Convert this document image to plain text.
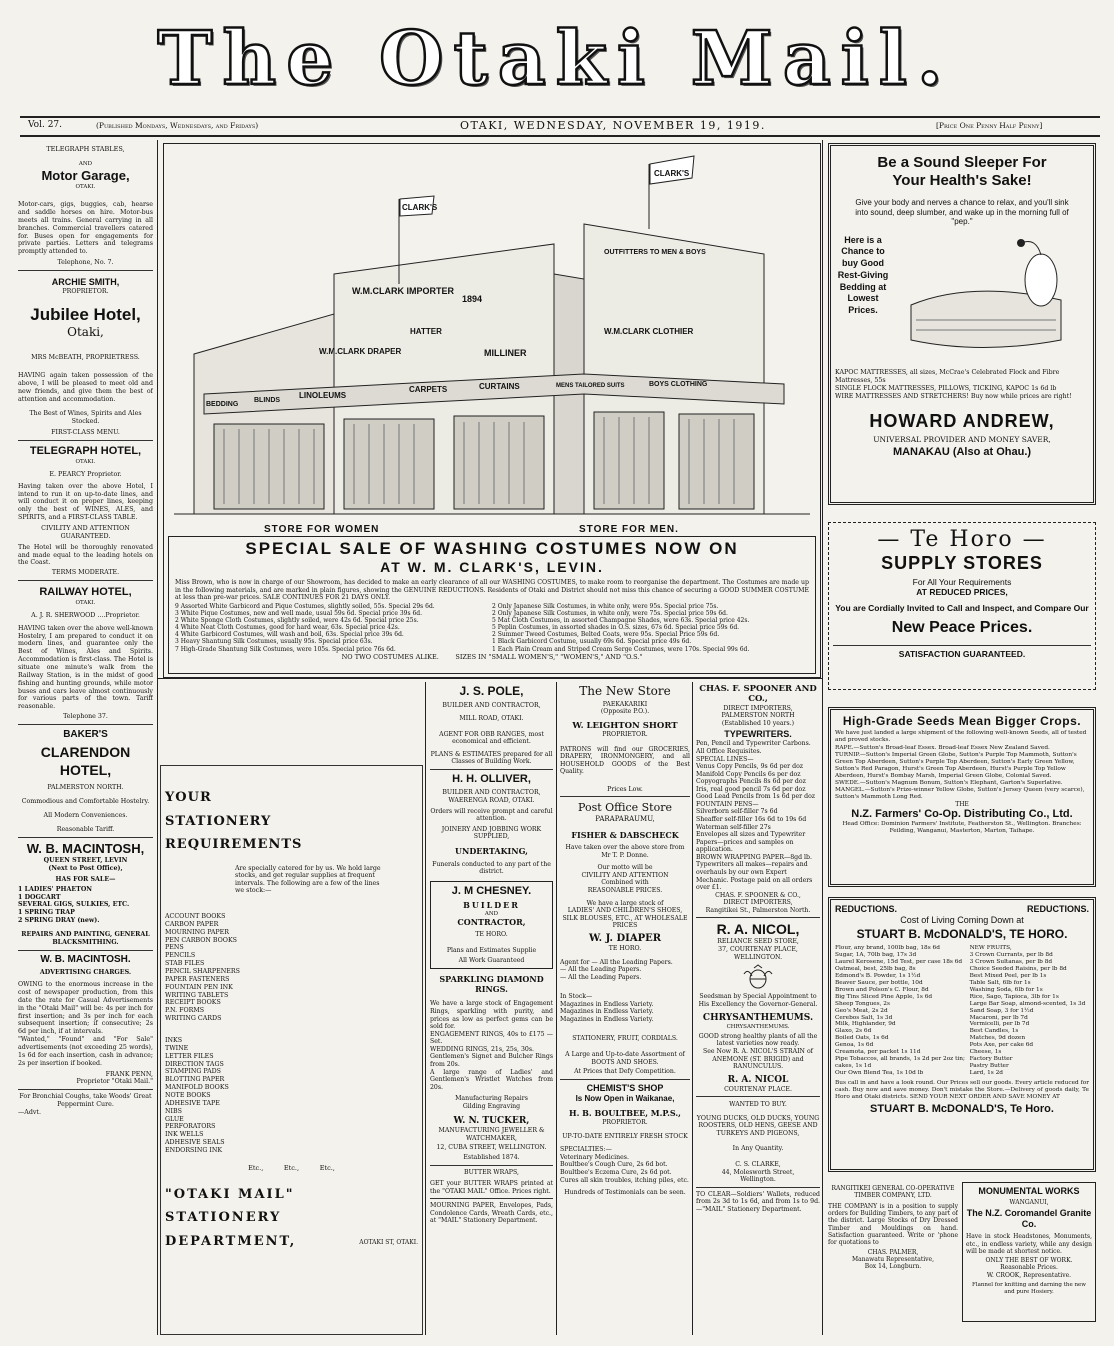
The Otaki Mail.
Vol. 27.	(Published Mondays, Wednesdays, and Fridays)	OTAKI, WEDNESDAY, NOVEMBER 19, 1919.	[Price One Penny Half Penny]
TELEGRAPH STABLES,
AND
Motor Garage,
OTAKI.
Motor-cars, gigs, buggies, cab, hearse and saddle horses on hire. Motor-bus meets all trains. General carrying in all branches. Commercial travellers catered for. Buses open for engagements for private parties. Letters and telegrams promptly attended to.
Telephone, No. 7.
ARCHIE SMITH,
PROPRIETOR.
Jubilee Hotel,
Otaki,
MRS McBEATH, PROPRIETRESS.
HAVING again taken possession of the above, I will be pleased to meet old and new friends, and give them the best of attention and accommodation.
The Best of Wines, Spirits and Ales Stocked.
FIRST-CLASS MENU.
TELEGRAPH HOTEL,
OTAKI.
E. PEARCY Proprietor.
Having taken over the above Hotel, I intend to run it on up-to-date lines, and will conduct it on proper lines, keeping only the best of WINES, ALES, and SPIRITS, and a FIRST-CLASS TABLE.
CIVILITY AND ATTENTION GUARANTEED.
The Hotel will be thoroughly renovated and made equal to the leading hotels on the Coast.
TERMS MODERATE.
RAILWAY HOTEL,
OTAKI.
A. J. R. SHERWOOD ....Proprietor.
HAVING taken over the above well-known Hostelry, I am prepared to conduct it on modern lines, and guarantee only the Best of Wines, Ales and Spirits. Accommodation is first-class. The Hotel is situate one minute's walk from the Railway Station, is in the midst of good fishing and hunting grounds, while motor buses and cars leave almost continuously for various parts of the town. Tariff reasonable.
Telephone 37.
BAKER'S
CLARENDON HOTEL,
PALMERSTON NORTH.
Commodious and Comfortable Hostelry.
All Modern Conveniences.
Reasonable Tariff.
W. B. MACINTOSH,
QUEEN STREET, LEVIN
(Next to Post Office),
HAS FOR SALE—
1 LADIES' PHAETON
1 DOGCART
SEVERAL GIGS, SULKIES, ETC.
1 SPRING TRAP
2 SPRING DRAY (new).
REPAIRS AND PAINTING, GENERAL BLACKSMITHING.
W. B. MACINTOSH.
ADVERTISING CHARGES.
OWING to the enormous increase in the cost of newspaper production, from this date the rate for Casual Advertisements in the "Otaki Mail" will be: 4s per inch for first insertion; and 3s per inch for each subsequent insertion; if consecutive; 2s 6d per inch, if at intervals.
"Wanted," "Found" and "For Sale" advertisements (not exceeding 25 words), 1s 6d for each insertion, cash in advance; 2s per insertion if booked.
FRANK PENN,
Proprietor "Otaki Mail."
For Bronchial Coughs, take Woods' Great Peppermint Cure.
—Advt.
CLARK'S
CLARK'S
W.M.CLARK IMPORTER
1894
OUTFITTERS TO MEN & BOYS
W.M.CLARK DRAPER
HATTER
MILLINER
W.M.CLARK CLOTHIER
BEDDING
BLINDS
LINOLEUMS
CARPETS	CURTAINS	MENS TAILORED SUITS	BOYS CLOTHING
STORE FOR WOMEN	STORE FOR MEN.
SPECIAL SALE OF WASHING COSTUMES NOW ON
AT W. M. CLARK'S, LEVIN.
Miss Brown, who is now in charge of our Showroom, has decided to make an early clearance of all our WASHING COSTUMES, to make room to reorganise the department. The Costumes are made up in the following materials, and are marked in plain figures, showing the GENUINE REDUCTIONS. Residents of Otaki and District should not miss this chance of securing a GOOD SUMMER COSTUME at less than pre-war prices. SALE CONTINUES FOR 21 DAYS ONLY.
9 Assorted White Garbicord and Pique Costumes, slightly soiled, 55s. Special 29s 6d.
3 White Pique Costumes, new and well made, usual 59s 6d. Special price 39s 6d.
2 White Sponge Cloth Costumes, slightly soiled, were 42s 6d. Special price 25s.
4 White Neat Cloth Costumes, good for hard wear, 63s. Special price 42s.
4 White Garbicord Costumes, will wash and boil, 63s. Special price 39s 6d.
3 Heavy Shantung Silk Costumes, usually 95s. Special price 63s.
7 High-Grade Shantung Silk Costumes, were 105s. Special price 76s 6d.
2 Only Japanese Silk Costumes, in white only, were 95s. Special price 75s.
2 Only Japanese Silk Costumes, in white only, were 75s. Special price 59s 6d.
5 Mat Cloth Costumes, in assorted Champagne Shades, were 63s. Special price 42s.
5 Peplin Costumes, in assorted shades in O.S. sizes, 67s 6d. Special price 59s 6d.
2 Summer Tweed Costumes, Belted Coats, were 95s. Special Price 59s 6d.
1 Black Garbicord Costume, usually 69s 6d. Special price 49s 6d.
1 Each Plain Cream and Striped Cream Serge Costumes, were 170s. Special 99s 6d.
NO TWO COSTUMES ALIKE.        SIZES IN "SMALL WOMEN'S," "WOMEN'S," AND "O.S."
YOUR
STATIONERY
REQUIREMENTS
Are specially catered for by us. We hold large stocks, and get regular supplies at frequent intervals. The following are a few of the lines we stock:—
ACCOUNT BOOKS
CARBON PAPER
MOURNING PAPER
PEN CARBON BOOKS
PENS
PENCILS
STAB FILES
PENCIL SHARPENERS
PAPER FASTENERS
FOUNTAIN PEN INK
WRITING TABLETS
RECEIPT BOOKS
P.N. FORMS
WRITING CARDS
INKS
TWINE
LETTER FILES
DIRECTION TAGS
STAMPING PADS
BLOTTING PAPER
MANIFOLD BOOKS
NOTE BOOKS
ADHESIVE TAPE
NIBS
GLUE
PERFORATORS
INK WELLS
ADHESIVE SEALS
ENDORSING INK
Etc.,          Etc.,          Etc.,
"OTAKI MAIL"
STATIONERY
DEPARTMENT,	AOTAKI ST, OTAKI.
J. S. POLE,
BUILDER AND CONTRACTOR,
MILL ROAD, OTAKI.
AGENT FOR OBB RANGES, most economical and efficient.
PLANS & ESTIMATES prepared for all Classes of Building Work.
H. H. OLLIVER,
BUILDER AND CONTRACTOR, WAERENGA ROAD, OTAKI.
Orders will receive prompt and careful attention.
JOINERY AND JOBBING WORK SUPPLIED,
UNDERTAKING,
Funerals conducted to any part of the district.
J. M CHESNEY.
BUILDER
AND
CONTRACTOR,
TE HORO.
Plans and Estimates Supplie
All Work Guaranteed
SPARKLING DIAMOND RINGS.
We have a large stock of Engagement Rings, sparkling with purity, and prices as low as perfect gems can be sold for.
ENGAGEMENT RINGS, 40s to £175 —Set.
WEDDING RINGS, 21s, 25s, 30s.
Gentlemen's Signet and Bulcher Rings from 20s.
A large range of Ladies' and Gentlemen's Wristlet Watches from 20s.
Manufacturing Repairs
Gilding Engraving
W. N. TUCKER,
MANUFACTURING JEWELLER & WATCHMAKER,
12, CUBA STREET, WELLINGTON.
Established 1874.
BUTTER WRAPS,
GET your BUTTER WRAPS printed at the "OTAKI MAIL" Office. Prices right.
MOURNING PAPER, Envelopes, Pads, Condolence Cards, Wreath Cards, etc., at "MAIL" Stationery Department.
The New Store
PAEKAKARIKI
(Opposite P.O.).
W. LEIGHTON SHORT
PROPRIETOR.
PATRONS will find our GROCERIES, DRAPERY, IRONMONGERY, and all HOUSEHOLD GOODS of the Best Quality.
Prices Low.
Post Office Store
PARAPARAUMU,
FISHER & DABSCHECK
Have taken over the above store from Mr T. P. Donne.
Our motto will be
CIVILITY AND ATTENTION
Combined with
REASONABLE PRICES.
We have a large stock of
LADIES' AND CHILDREN'S SHOES, SILK BLOUSES, ETC., AT WHOLESALE PRICES
W. J. DIAPER
TE HORO.
Agent for — All the Leading Papers.
— All the Leading Papers.
— All the Leading Papers.
In Stock—
Magazines in Endless Variety.
Magazines in Endless Variety.
Magazines in Endless Variety.
STATIONERY, FRUIT, CORDIALS.
A Large and Up-to-date Assortment of BOOTS AND SHOES.
At Prices that Defy Competition.
CHEMIST'S SHOP
Is Now Open in Waikanae,
H. B. BOULTBEE, M.P.S.,
PROPRIETOR.
UP-TO-DATE ENTIRELY FRESH STOCK
SPECIALTIES:—
Veterinary Medicines.
Boultbee's Cough Cure, 2s 6d bot.
Boultbee's Eczema Cure, 2s 6d pot. Cures all skin troubles, itching piles, etc.
Hundreds of Testimonials can be seen.
CHAS. F. SPOONER AND CO.,
DIRECT IMPORTERS,
PALMERSTON NORTH
(Established 10 years.)
TYPEWRITERS.
Pen, Pencil and Typewriter Carbons. All Office Requisites.
SPECIAL LINES—
Venus Copy Pencils, 9s 6d per doz
Manifold Copy Pencils 6s per doz
Copyographs Pencils 8s 6d per doz
Iris, real good pencil 7s 6d per doz
Good Lead Pencils from 1s 6d per doz
FOUNTAIN PENS—
Silverborn self-filler 7s 6d
Sheaffer self-filler 16s 6d to 19s 6d
Waterman self-filler 27s
Envelopes all sizes and Typewriter Papers—prices and samples on application.
BROWN WRAPPING PAPER—8gd lb.
Typewriters all makes—repairs and overhauls by our own Expert Mechanic. Postage paid on all orders over £1.
CHAS. F. SPOONER & CO.,
DIRECT IMPORTERS,
Rangitikei St., Palmerston North.
R. A. NICOL,
RELIANCE SEED STORE,
37, COURTENAY PLACE,
WELLINGTON.
Seedsman by Special Appointment to His Excellency the Governor-General.
CHRYSANTHEMUMS.
CHRYSANTHEMUMS.
GOOD strong healthy plants of all the latest varieties now ready.
See Now R. A. NICOL'S STRAIN of ANEMONE (ST. BRIGID) and RANUNCULUS.
R. A. NICOL
COURTENAY PLACE.
WANTED TO BUY.
YOUNG DUCKS, OLD DUCKS, YOUNG ROOSTERS, OLD HENS, GEESE AND TURKEYS AND PIGEONS,
In Any Quantity.
C. S. CLARKE,
44, Molesworth Street,
Wellington.
TO CLEAR—Soldiers' Wallets, reduced from 2s 3d to 1s 6d, and from 1s to 9d.—"MAIL" Stationery Department.
Be a Sound Sleeper For
Your Health's Sake!
Give your body and nerves a chance to relax, and you'll sink into sound, deep slumber, and wake up in the morning full of "pep."
Here is a Chance to buy Good Rest-Giving Bedding at Lowest Prices.
KAPOC MATTRESSES, all sizes, McCrae's Celebrated Flock and Fibre Mattresses, 55s
SINGLE FLOCK MATTRESSES, PILLOWS, TICKING, KAPOC 1s 6d lb
WIRE MATTRESSES AND STRETCHERS! Buy now while prices are right!
HOWARD ANDREW,
UNIVERSAL PROVIDER AND MONEY SAVER,
MANAKAU (Also at Ohau.)
— Te Horo —
SUPPLY STORES
For All Your Requirements
AT REDUCED PRICES,
You are Cordially Invited to Call and Inspect, and Compare Our
New Peace Prices.
SATISFACTION GUARANTEED.
High-Grade Seeds Mean Bigger Crops.
We have just landed a large shipment of the following well-known Seeds, all of tested and proved stocks.
RAPE.—Sutton's Broad-leaf Essex. Broad-leaf Essex New Zealand Saved.
TURNIP.—Sutton's Imperial Green Globe, Sutton's Purple Top Mammoth, Sutton's Green Top Aberdeen, Sutton's Purple Top Aberdeen, Sutton's Early Green Yellow, Sutton's Red Paragon, Hurst's Green Top Aberdeen, Hurst's Purple Top Yellow Aberdeen, Hurst's Bombay Marsh, Imperial Green Globe, Colonial Saved.
SWEDE.—Sutton's Magnum Bonum, Sutton's Elephant, Garton's Superlative.
MANGEL.—Sutton's Prize-winner Yellow Globe, Sutton's Jersey Queen (very scarce), Sutton's Mammoth Long Red.
THE
N.Z. Farmers' Co-Op. Distributing Co., Ltd.
Head Office: Dominion Farmers' Institute, Featherston St., Wellington. Branches: Feilding, Wanganui, Masterton, Marton, Taihape.
REDUCTIONS.	REDUCTIONS.
Cost of Living Coming Down at
STUART B. McDONALD'S, TE HORO.
Flour, any brand, 100lb bag, 18s 6d
Sugar, 1A, 70lb bag, 17s 3d
Laurel Kerosene, 15d Test, per case 18s 6d
Oatmeal, best, 25lb bag, 8s
Edmond's B. Powder, 1s 1½d
Beaver Sauce, per bottle, 10d
Brown and Polson's C. Flour, 8d
Big Tins Sliced Pine Apple, 1s 6d
Sheep Tongues, 2s
Geo's Meat, 2s 2d
Cerebos Salt, 1s 3d
Milk, Highlander, 9d
Glaxo, 2s 6d
Boiled Oats, 1s 6d
Genoa, 1s 6d
Creamota, per packet 1s 11d
Pipe Tobaccos, all brands, 1s 2d per 2oz tin; cakes, 1s 1d
Our Own Blend Tea, 1s 10d lb
NEW FRUITS,
3 Crown Currants, per lb 8d
3 Crown Sultanas, per lb 8d
Choice Seeded Raisins, per lb 8d
Best Mixed Peel, per lb 1s
Table Salt, 6lb for 1s
Washing Soda, 6lb for 1s
Rice, Sago, Tapioca, 3lb for 1s
Large Bar Soap, almond-scented, 1s 3d
Sand Soap, 3 for 1½d
Macaroni, per lb 7d
Vermicelli, per lb 7d
Best Candles, 1s
Matches, 9d dozen
Pots Axe, per cake 6d
Cheese, 1s
Factory Butter
Pastry Butter
Lard, 1s 2d
Bus call in and have a look round. Our Prices sell our goods. Every article reduced for cash. Buy now and save money. Don't mistake the Store.—Delivery of goods daily, Te Horo and Otaki districts. SEND YOUR NEXT ORDER AND SAVE MONEY AT
STUART B. McDONALD'S, Te Horo.
RANGITIKEI GENERAL CO-OPERATIVE TIMBER COMPANY, LTD.
THE COMPANY is in a position to supply orders for Building Timbers, to any part of the district. Large Stocks of Dry Dressed Timber and Mouldings on hand. Satisfaction guaranteed. Write or 'phone for quotations to
CHAS. PALMER,
Manawatu Representative,
Box 14, Longburn.
MONUMENTAL WORKS
WANGANUI,
The N.Z. Coromandel Granite Co.
Have in stock Headstones, Monuments, etc., in endless variety, while any design will be made at shortest notice.
ONLY THE BEST OF WORK.
Reasonable Prices.
W. CROOK, Representative.
Flannel for knitting and darning the new and pure Hosiery.
